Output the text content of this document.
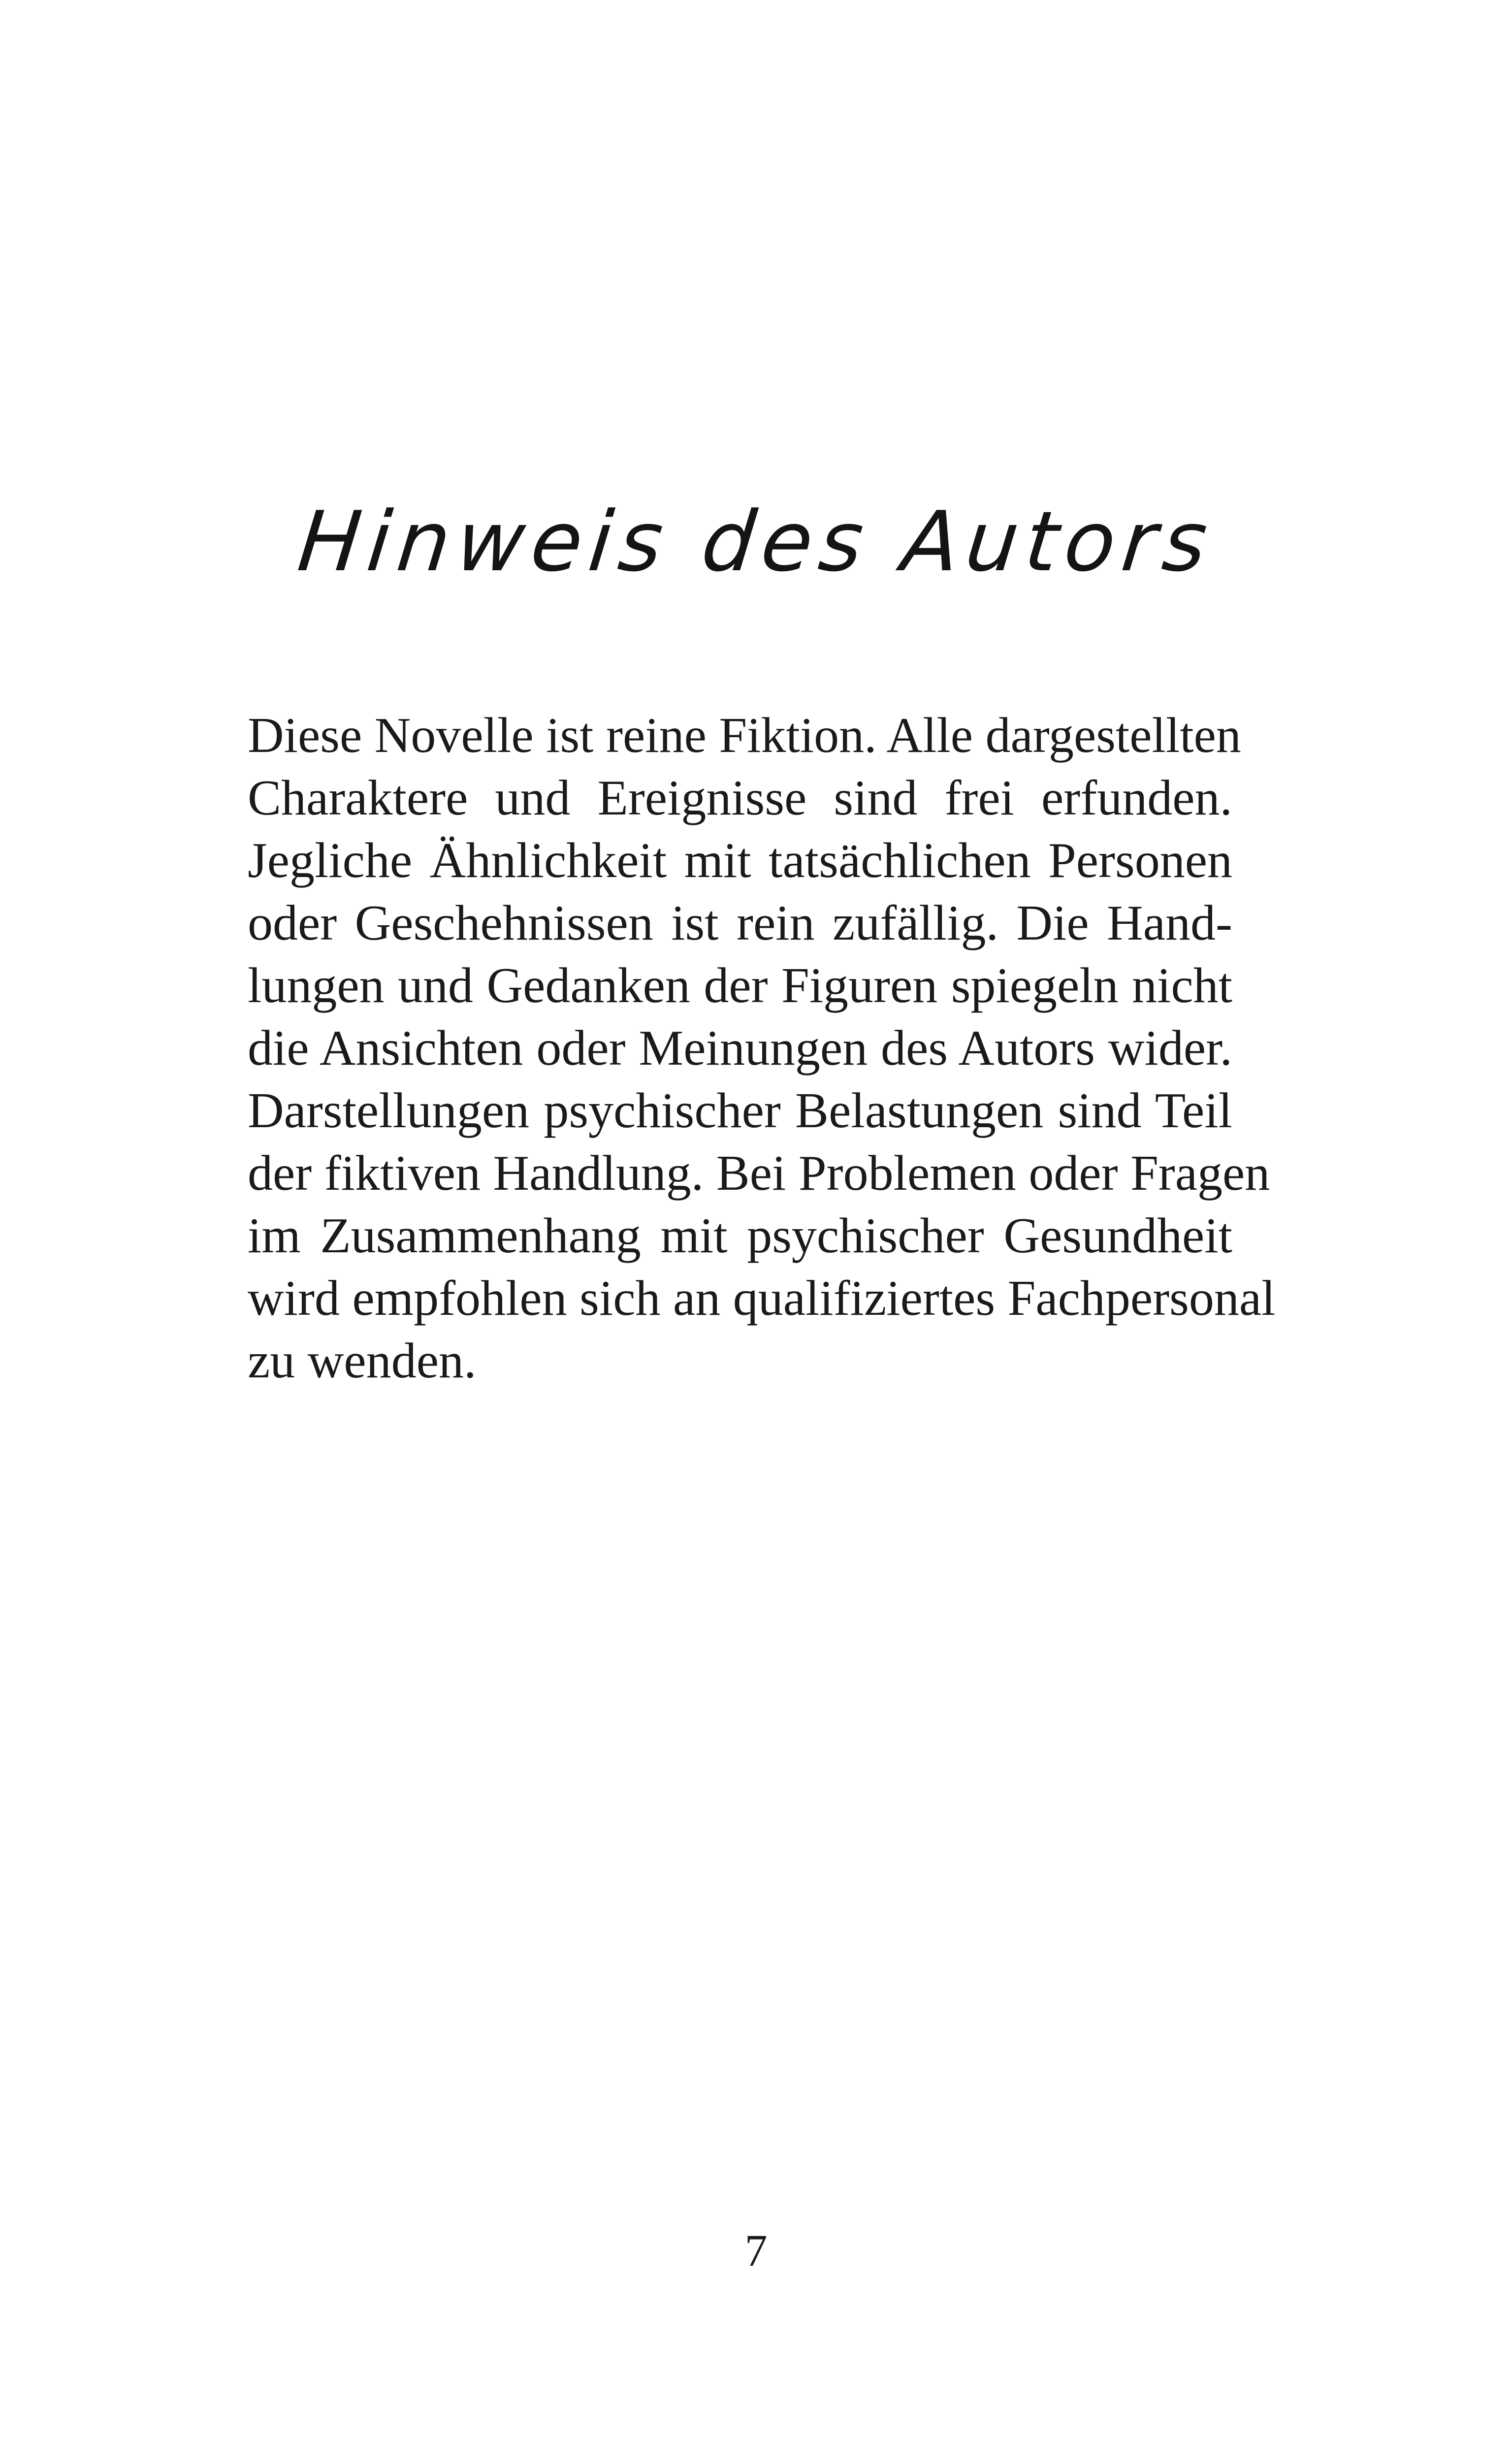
Hinweis des Autors
Diese Novelle ist reine Fiktion. Alle dargestellten
Charaktere und Ereignisse sind frei erfunden.
Jegliche Ähnlichkeit mit tatsächlichen Personen
oder Geschehnissen ist rein zufällig. Die Hand-
lungen und Gedanken der Figuren spiegeln nicht
die Ansichten oder Meinungen des Autors wider.
Darstellungen psychischer Belastungen sind Teil
der fiktiven Handlung. Bei Problemen oder Fragen
im Zusammenhang mit psychischer Gesundheit
wird empfohlen sich an qualifiziertes Fachpersonal
zu wenden.
7
